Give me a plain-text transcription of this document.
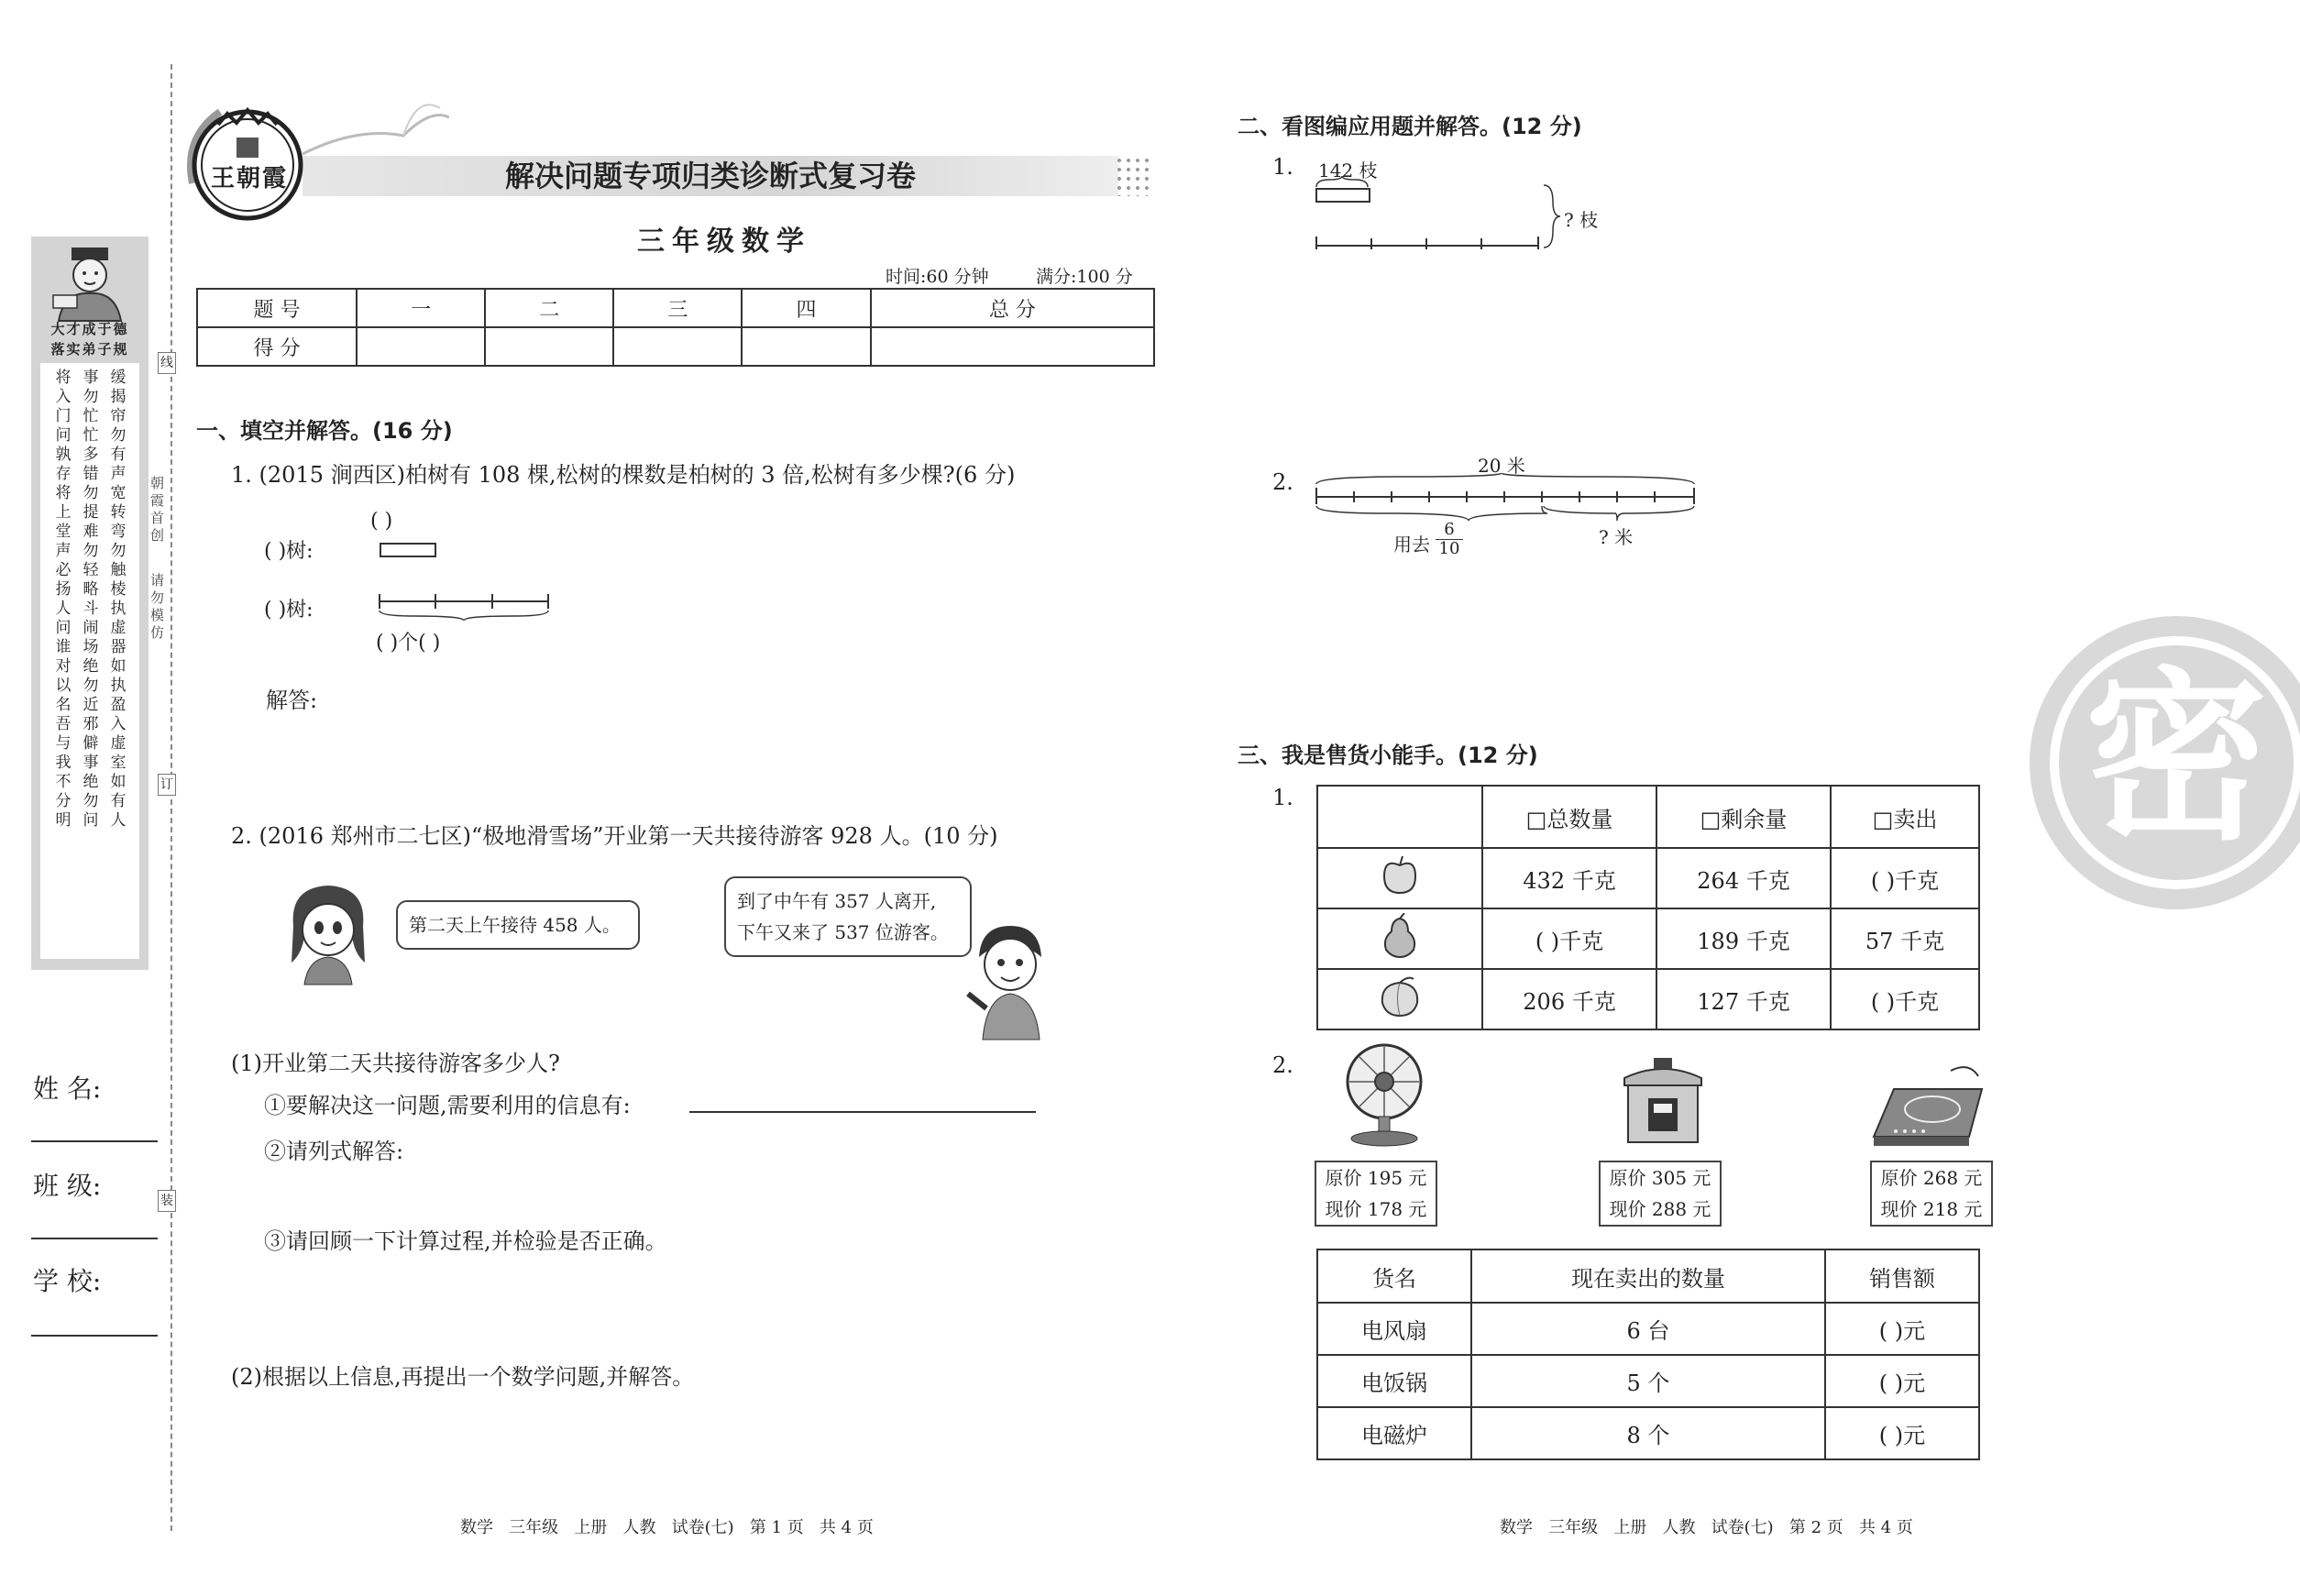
大才成于德
落实弟子规
将入门问孰存将上堂声必扬人问谁对以名吾与我不分明
事勿忙忙多错勿提难勿轻略斗闹场绝勿近邪僻事绝勿问
缓揭帘勿有声宽转弯勿触棱执虚器如执盈入虚室如有人
线
订
装
朝霞首创
请勿模仿
姓 名:
班 级:
学 校:
王朝霞	解决问题专项归类诊断式复习卷
三年级数学
时间:60 分钟	满分:100 分
题 号	一	二	三	四	总 分
得 分					
一、填空并解答。(16 分)
1. (2015 涧西区)柏树有 108 棵,松树的棵数是柏树的 3 倍,松树有多少棵?(6 分)
( )
( )树:
( )树:
( )个( )
解答:
2. (2016 郑州市二七区)“极地滑雪场”开业第一天共接待游客 928 人。(10 分)
第二天上午接待 458 人。
到了中午有 357 人离开,
下午又来了 537 位游客。
(1)开业第二天共接待游客多少人?
①要解决这一问题,需要利用的信息有:
②请列式解答:
③请回顾一下计算过程,并检验是否正确。
(2)根据以上信息,再提出一个数学问题,并解答。
数学   三年级   上册   人教   试卷(七)   第 1 页   共 4 页
二、看图编应用题并解答。(12 分)
1. 142 枝
? 枝
2.
20 米
用去 $\frac{6}{10}$	? 米
三、我是售货小能手。(12 分)
1.
	□总数量	□剩余量	□卖出
	432 千克	264 千克	( )千克
	( )千克	189 千克	57 千克
	206 千克	127 千克	( )千克
2.
原价 195 元
现价 178 元
原价 305 元
现价 288 元
原价 268 元
现价 218 元
货名	现在卖出的数量	销售额
电风扇	6 台	( )元
电饭锅	5 个	( )元
电磁炉	8 个	( )元
数学   三年级   上册   人教   试卷(七)   第 2 页   共 4 页
密
